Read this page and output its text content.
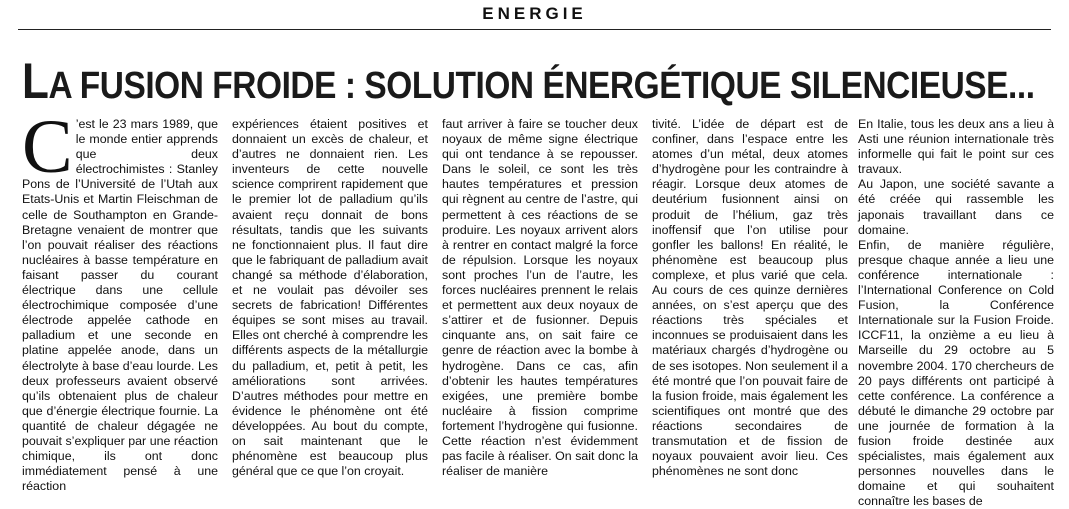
ENERGIE
LA FUSION FROIDE : SOLUTION ÉNERGÉTIQUE SILENCIEUSE...
C ’est le 23 mars 1989, que le monde entier apprends que deux électrochimistes : Stanley Pons de l’Université de l’Utah aux Etats-Unis et Martin Fleischman de celle de Southampton en Grande-Bretagne venaient de montrer que l’on pouvait réaliser des réactions nucléaires à basse température en faisant passer du courant électrique dans une cellule électrochimique composée d’une électrode appelée cathode en palladium et une seconde en platine appelée anode, dans un électrolyte à base d’eau lourde. Les deux professeurs avaient observé qu’ils obtenaient plus de chaleur que d’énergie électrique fournie. La quantité de chaleur dégagée ne pouvait s’expliquer par une réaction chimique, ils ont donc immédiatement pensé à une réaction

expériences étaient positives et donnaient un excès de chaleur, et d’autres ne donnaient rien. Les inventeurs de cette nouvelle science comprirent rapidement que le premier lot de palladium qu’ils avaient reçu donnait de bons résultats, tandis que les suivants ne fonctionnaient plus. Il faut dire que le fabriquant de palladium avait changé sa méthode d’élaboration, et ne voulait pas dévoiler ses secrets de fabrication! Différentes équipes se sont mises au travail. Elles ont cherché à comprendre les différents aspects de la métallurgie du palladium, et, petit à petit, les améliorations sont arrivées. D’autres méthodes pour mettre en évidence le phénomène ont été développées. Au bout du compte, on sait maintenant que le phénomène est beaucoup plus général que ce que l’on croyait.

faut arriver à faire se toucher deux noyaux de même signe électrique qui ont tendance à se repousser. Dans le soleil, ce sont les très hautes températures et pression qui règnent au centre de l’astre, qui permettent à ces réactions de se produire. Les noyaux arrivent alors à rentrer en contact malgré la force de répulsion. Lorsque les noyaux sont proches l’un de l’autre, les forces nucléaires prennent le relais et permettent aux deux noyaux de s’attirer et de fusionner. Depuis cinquante ans, on sait faire ce genre de réaction avec la bombe à hydrogène. Dans ce cas, afin d’obtenir les hautes températures exigées, une première bombe nucléaire à fission comprime fortement l’hydrogène qui fusionne. Cette réaction n’est évidemment pas facile à réaliser. On sait donc la réaliser de manière

tivité. L’idée de départ est de confiner, dans l’espace entre les atomes d’un métal, deux atomes d’hydrogène pour les contraindre à réagir. Lorsque deux atomes de deutérium fusionnent ainsi on produit de l’hélium, gaz très inoffensif que l’on utilise pour gonfler les ballons! En réalité, le phénomène est beaucoup plus complexe, et plus varié que cela. Au cours de ces quinze dernières années, on s’est aperçu que des réactions très spéciales et inconnues se produisaient dans les matériaux chargés d’hydrogène ou de ses isotopes. Non seulement il a été montré que l’on pouvait faire de la fusion froide, mais également les scientifiques ont montré que des réactions secondaires de transmutation et de fission de noyaux pouvaient avoir lieu. Ces phénomènes ne sont donc

En Italie, tous les deux ans a lieu à Asti une réunion internationale très informelle qui fait le point sur ces travaux.

Au Japon, une société savante a été créée qui rassemble les japonais travaillant dans ce domaine.

Enfin, de manière régulière, presque chaque année a lieu une conférence internationale : l’International Conference on Cold Fusion, la Conférence Internationale sur la Fusion Froide. ICCF11, la onzième a eu lieu à Marseille du 29 octobre au 5 novembre 2004. 170 chercheurs de 20 pays différents ont participé à cette conférence. La conférence a débuté le dimanche 29 octobre par une journée de formation à la fusion froide destinée aux spécialistes, mais également aux personnes nouvelles dans le domaine et qui souhaitent connaître les bases de
